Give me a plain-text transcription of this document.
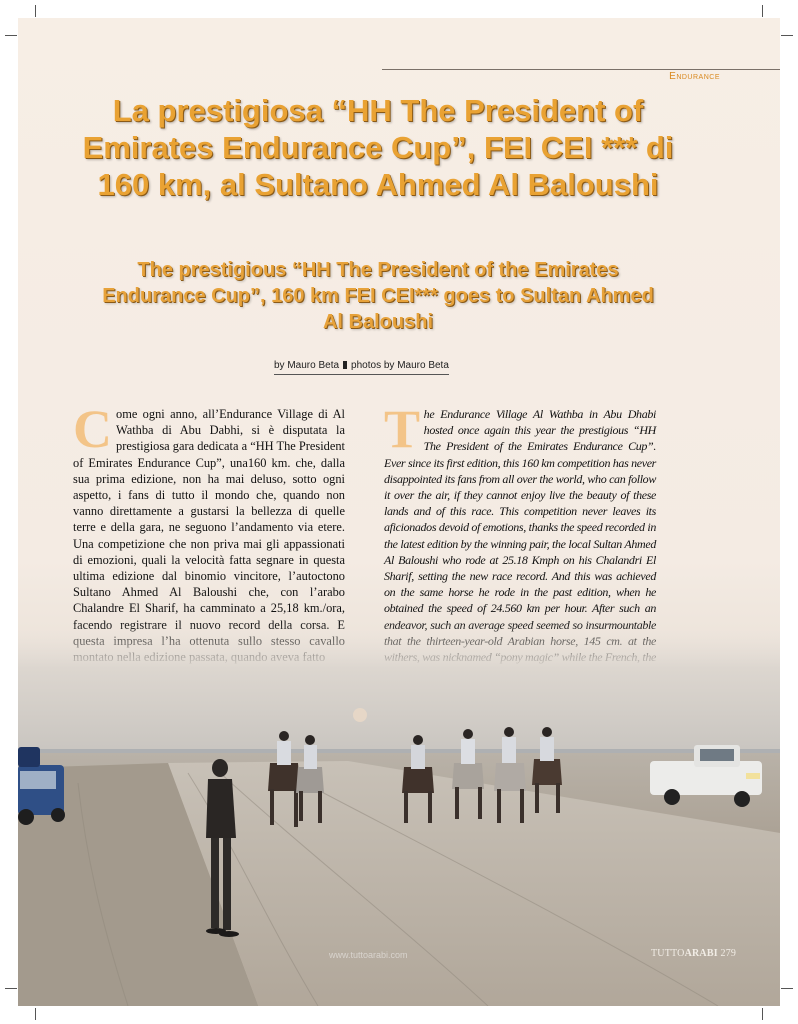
Endurance
La prestigiosa “HH The President of Emirates Endurance Cup”, FEI CEI *** di 160 km, al Sultano Ahmed Al Baloushi
The prestigious “HH The President of the Emirates Endurance Cup”, 160 km FEI CEI*** goes to Sultan Ahmed Al Baloushi
by Mauro Beta photos by Mauro Beta

Come ogni anno, all’Endurance Village di Al Wathba di Abu Dabhi, si è disputata la prestigiosa gara dedicata a “HH The President of Emirates Endurance Cup”, una160 km. che, dalla sua prima edizione, non ha mai deluso, sotto ogni aspetto, i fans di tutto il mondo che, quando non vanno direttamente a gustarsi la bellezza di quelle terre e della gara, ne seguono l’andamento via etere. Una competizione che non priva mai gli appassionati di emozioni, quali la velocità fatta segnare in questa ultima edizione dal binomio vincitore, l’autoctono Sultano Ahmed Al Baloushi che, con l’arabo Chalandre El Sharif, ha camminato a 25,18 km./ora,

The Endurance Village Al Wathba in Abu Dhabi hosted once again this year the prestigious “HH The President of the Emirates Endurance Cup”. Ever since its first edition, this 160 km competition has never disappointed its fans from all over the world, who can follow it over the air, if they cannot enjoy live the beauty of these lands and of this race. This competition never leaves its aficionados devoid of emotions, thanks the speed recorded in the latest edition by the winning pair, the local Sultan Ahmed Al Baloushi who rode at 25.18 Kmph on his Chalandri El Sharif, setting the new race record. And this was achieved on the same horse he rode in the past edition, when he obtained the speed of 24.560 km per hour. After such an

www.tuttoarabi.com	TUTTOARABI 279
